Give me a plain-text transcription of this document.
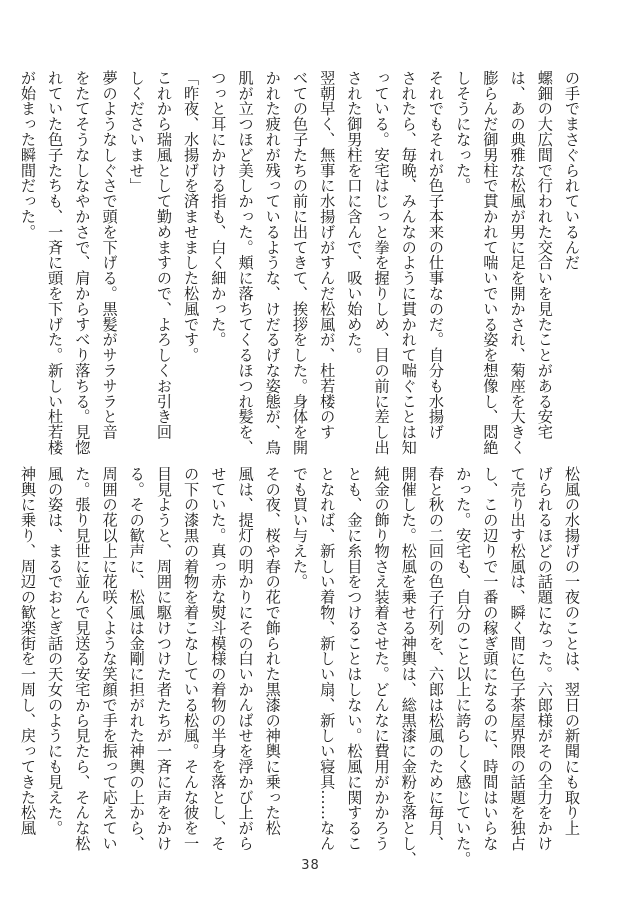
の手でまさぐられているんだ

螺鈿の大広間で行われた交合いを見たことがある安宅

は、あの典雅な松風が男に足を開かされ、菊座を大きく

膨らんだ御男柱で貫かれて喘いでいる姿を想像し、悶絶

しそうになった。

それでもそれが色子本来の仕事なのだ。自分も水揚げ

されたら、毎晩、みんなのように貫かれて喘ぐことは知

っている。安宅はじっと拳を握りしめ、目の前に差し出

された御男柱を口に含んで、吸い始めた。

翌朝早く、無事に水揚げがすんだ松風が、杜若楼のす

べての色子たちの前に出てきて、挨拶をした。身体を開

かれた疲れが残っているような、けだるげな姿態が、鳥

肌が立つほど美しかった。頬に落ちてくるほつれ髪を、

つっと耳にかける指も、白く細かった。

「昨夜、水揚げを済ませました松風です。

これから瑞風として勤めますので、よろしくお引き回

しくださいませ」

夢のようなしぐさで頭を下げる。黒髪がサラサラと音

をたてそうなしなやかさで、肩からすべり落ちる。見惚

れていた色子たちも、一斉に頭を下げた。新しい杜若楼

が始まった瞬間だった。

松風の水揚げの一夜のことは、翌日の新聞にも取り上

げられるほどの話題になった。六郎様がその全力をかけ

て売り出す松風は、瞬く間に色子茶屋界隈の話題を独占

し、この辺りで一番の稼ぎ頭になるのに、時間はいらな

かった。安宅も、自分のこと以上に誇らしく感じていた。

春と秋の二回の色子行列を、六郎は松風のために毎月、

開催した。松風を乗せる神輿は、総黒漆に金粉を落とし、

純金の飾り物さえ装着させた。どんなに費用がかかろう

とも、金に糸目をつけることはしない。松風に関するこ

となれば、新しい着物、新しい扇、新しい寝具……なん

でも買い与えた。

その夜、桜や春の花で飾られた黒漆の神輿に乗った松

風は、提灯の明かりにその白いかんばせを浮かび上がら

せていた。真っ赤な熨斗模様の着物の半身を落とし、そ

の下の漆黒の着物を着こなしている松風。そんな彼を一

目見ようと、周囲に駆けつけた者たちが一斉に声をかけ

る。その歓声に、松風は金剛に担がれた神輿の上から、

周囲の花以上に花咲くような笑顔で手を振って応えてい

た。張り見世に並んで見送る安宅から見たら、そんな松

風の姿は、まるでおとぎ話の天女のようにも見えた。

神輿に乗り、周辺の歓楽街を一周し、戻ってきた松風

38
